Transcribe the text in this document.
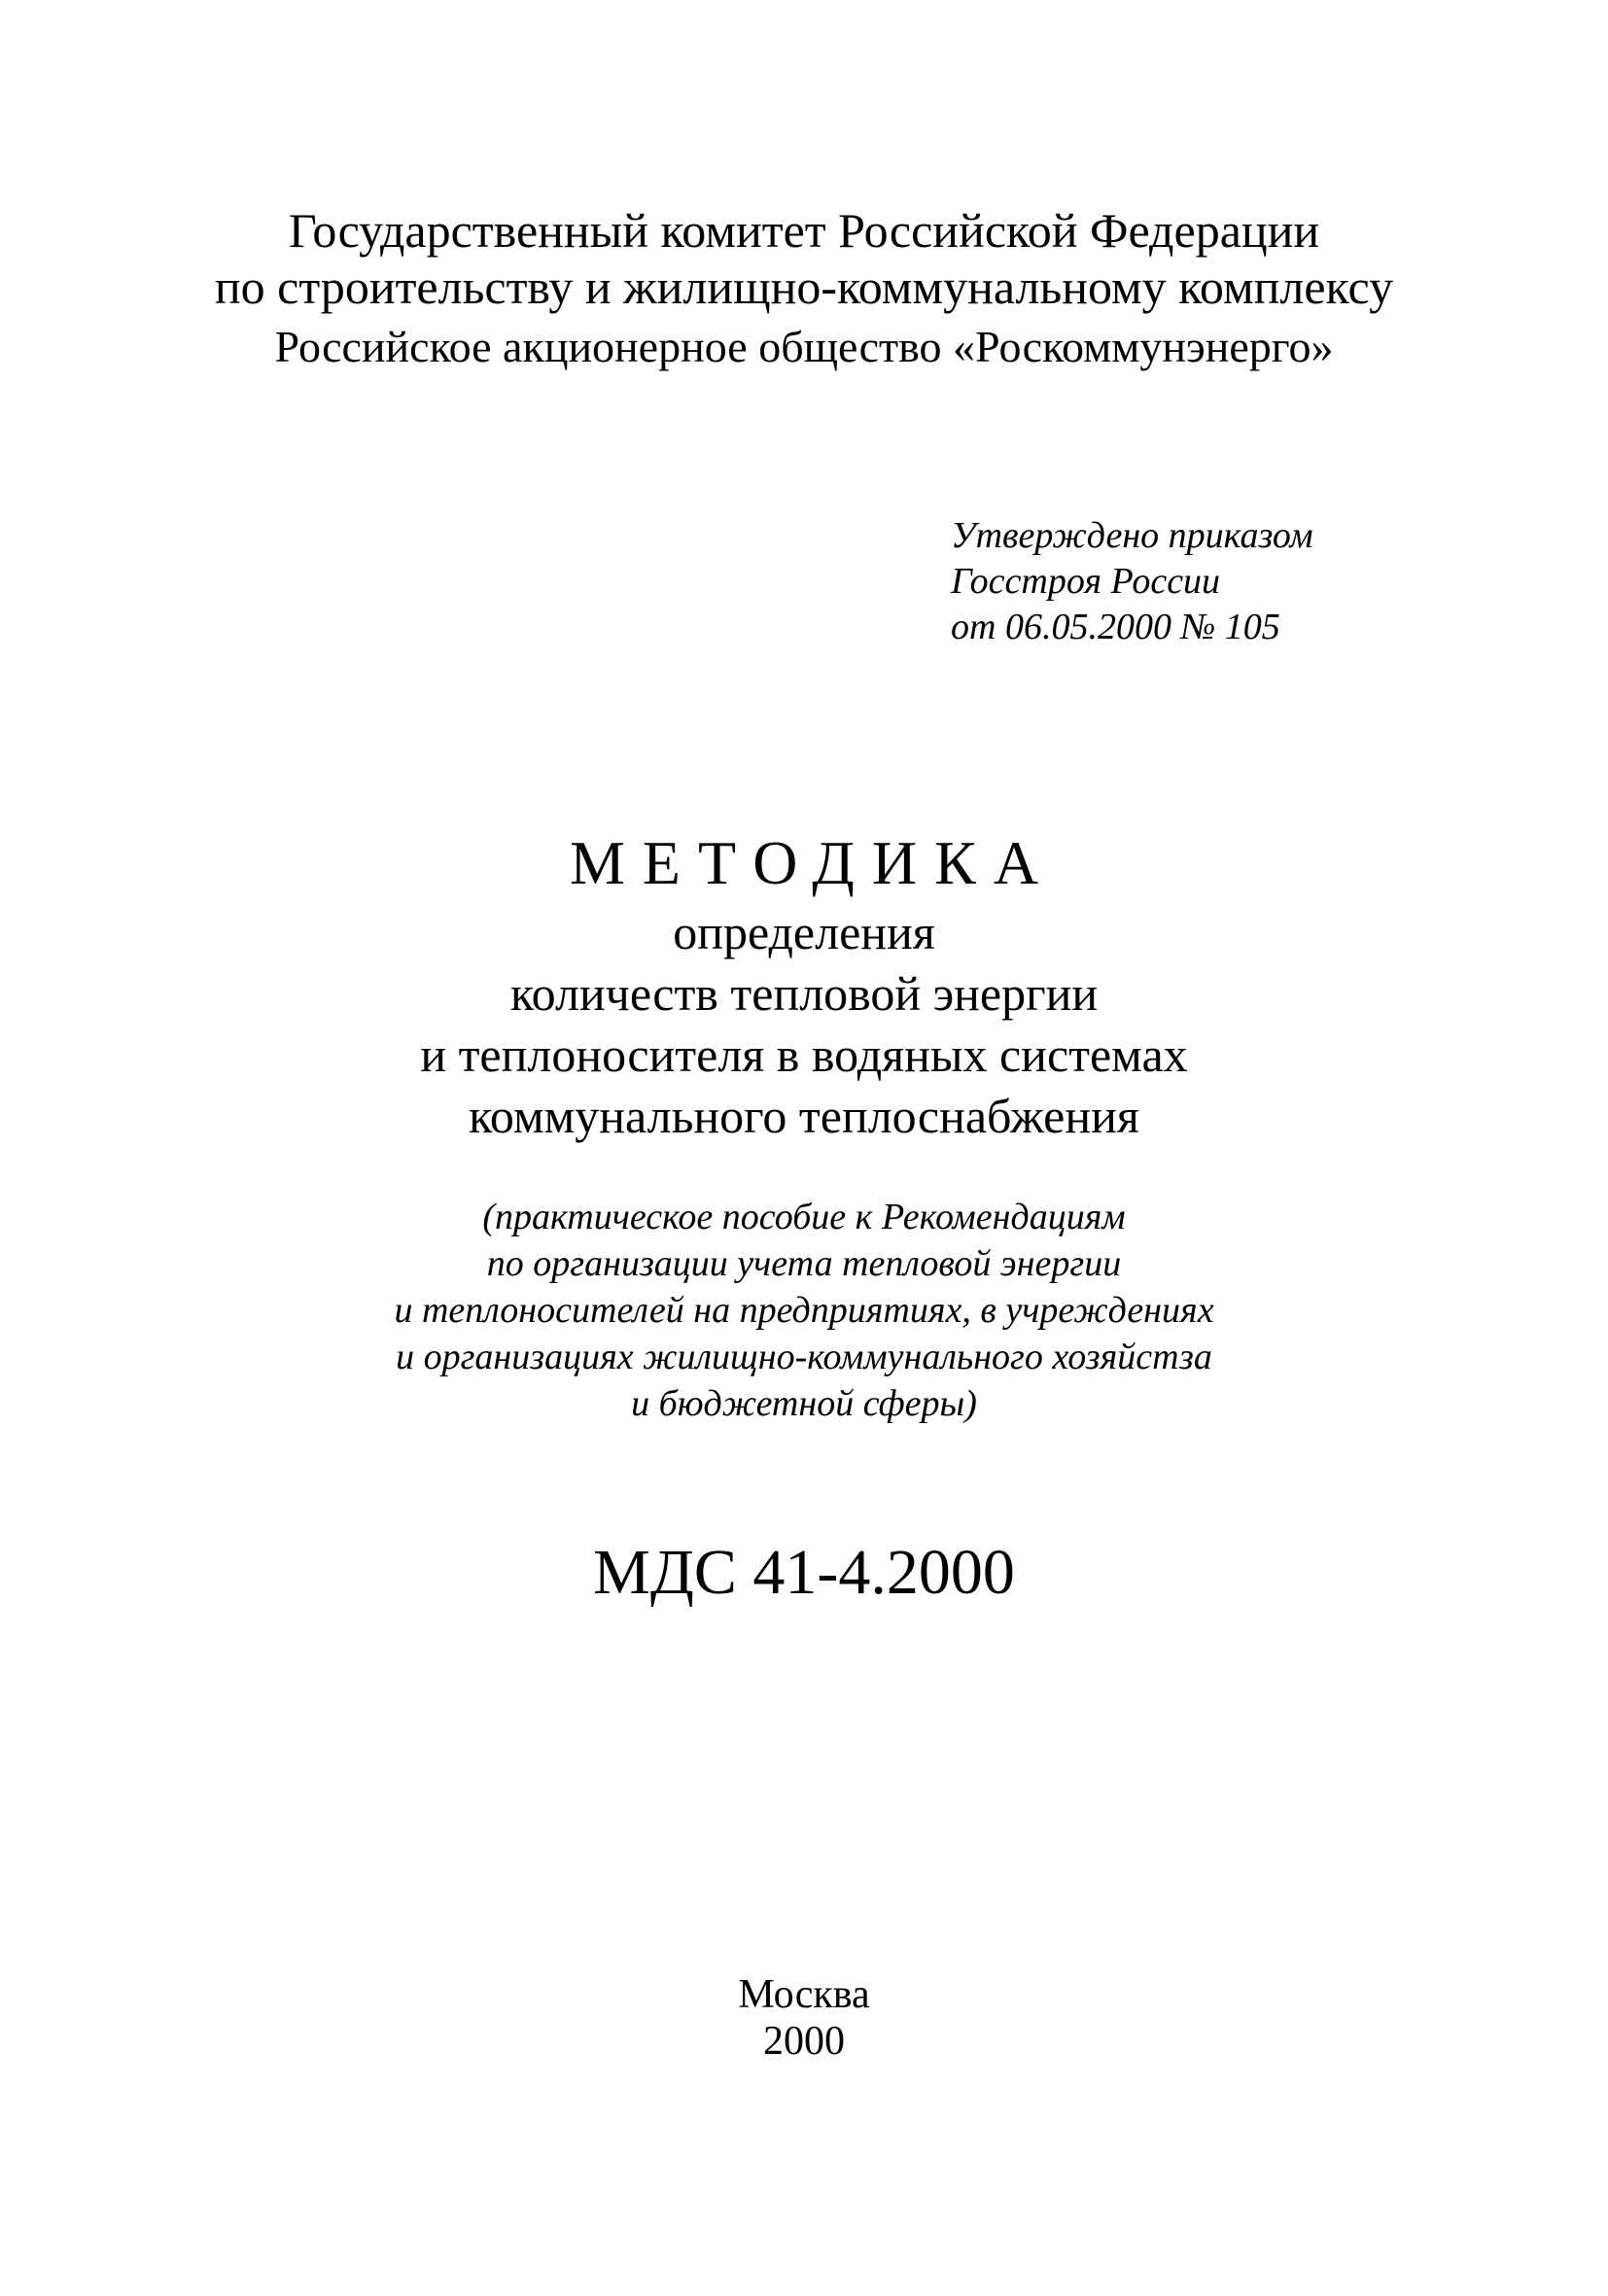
Государственный комитет Российской Федерации
по строительству и жилищно-коммунальному комплексу
Российское акционерное общество «Роскоммунэнерго»
Утверждено приказом
Госстроя России
от 06.05.2000 № 105
МЕТОДИКА
определения
количеств тепловой энергии
и теплоносителя в водяных системах
коммунального теплоснабжения
(практическое пособие к Рекомендациям
по организации учета тепловой энергии
и теплоносителей на предприятиях, в учреждениях
и организациях жилищно-коммунального хозяйстза
и бюджетной сферы)
МДС 41-4.2000
Москва
2000
